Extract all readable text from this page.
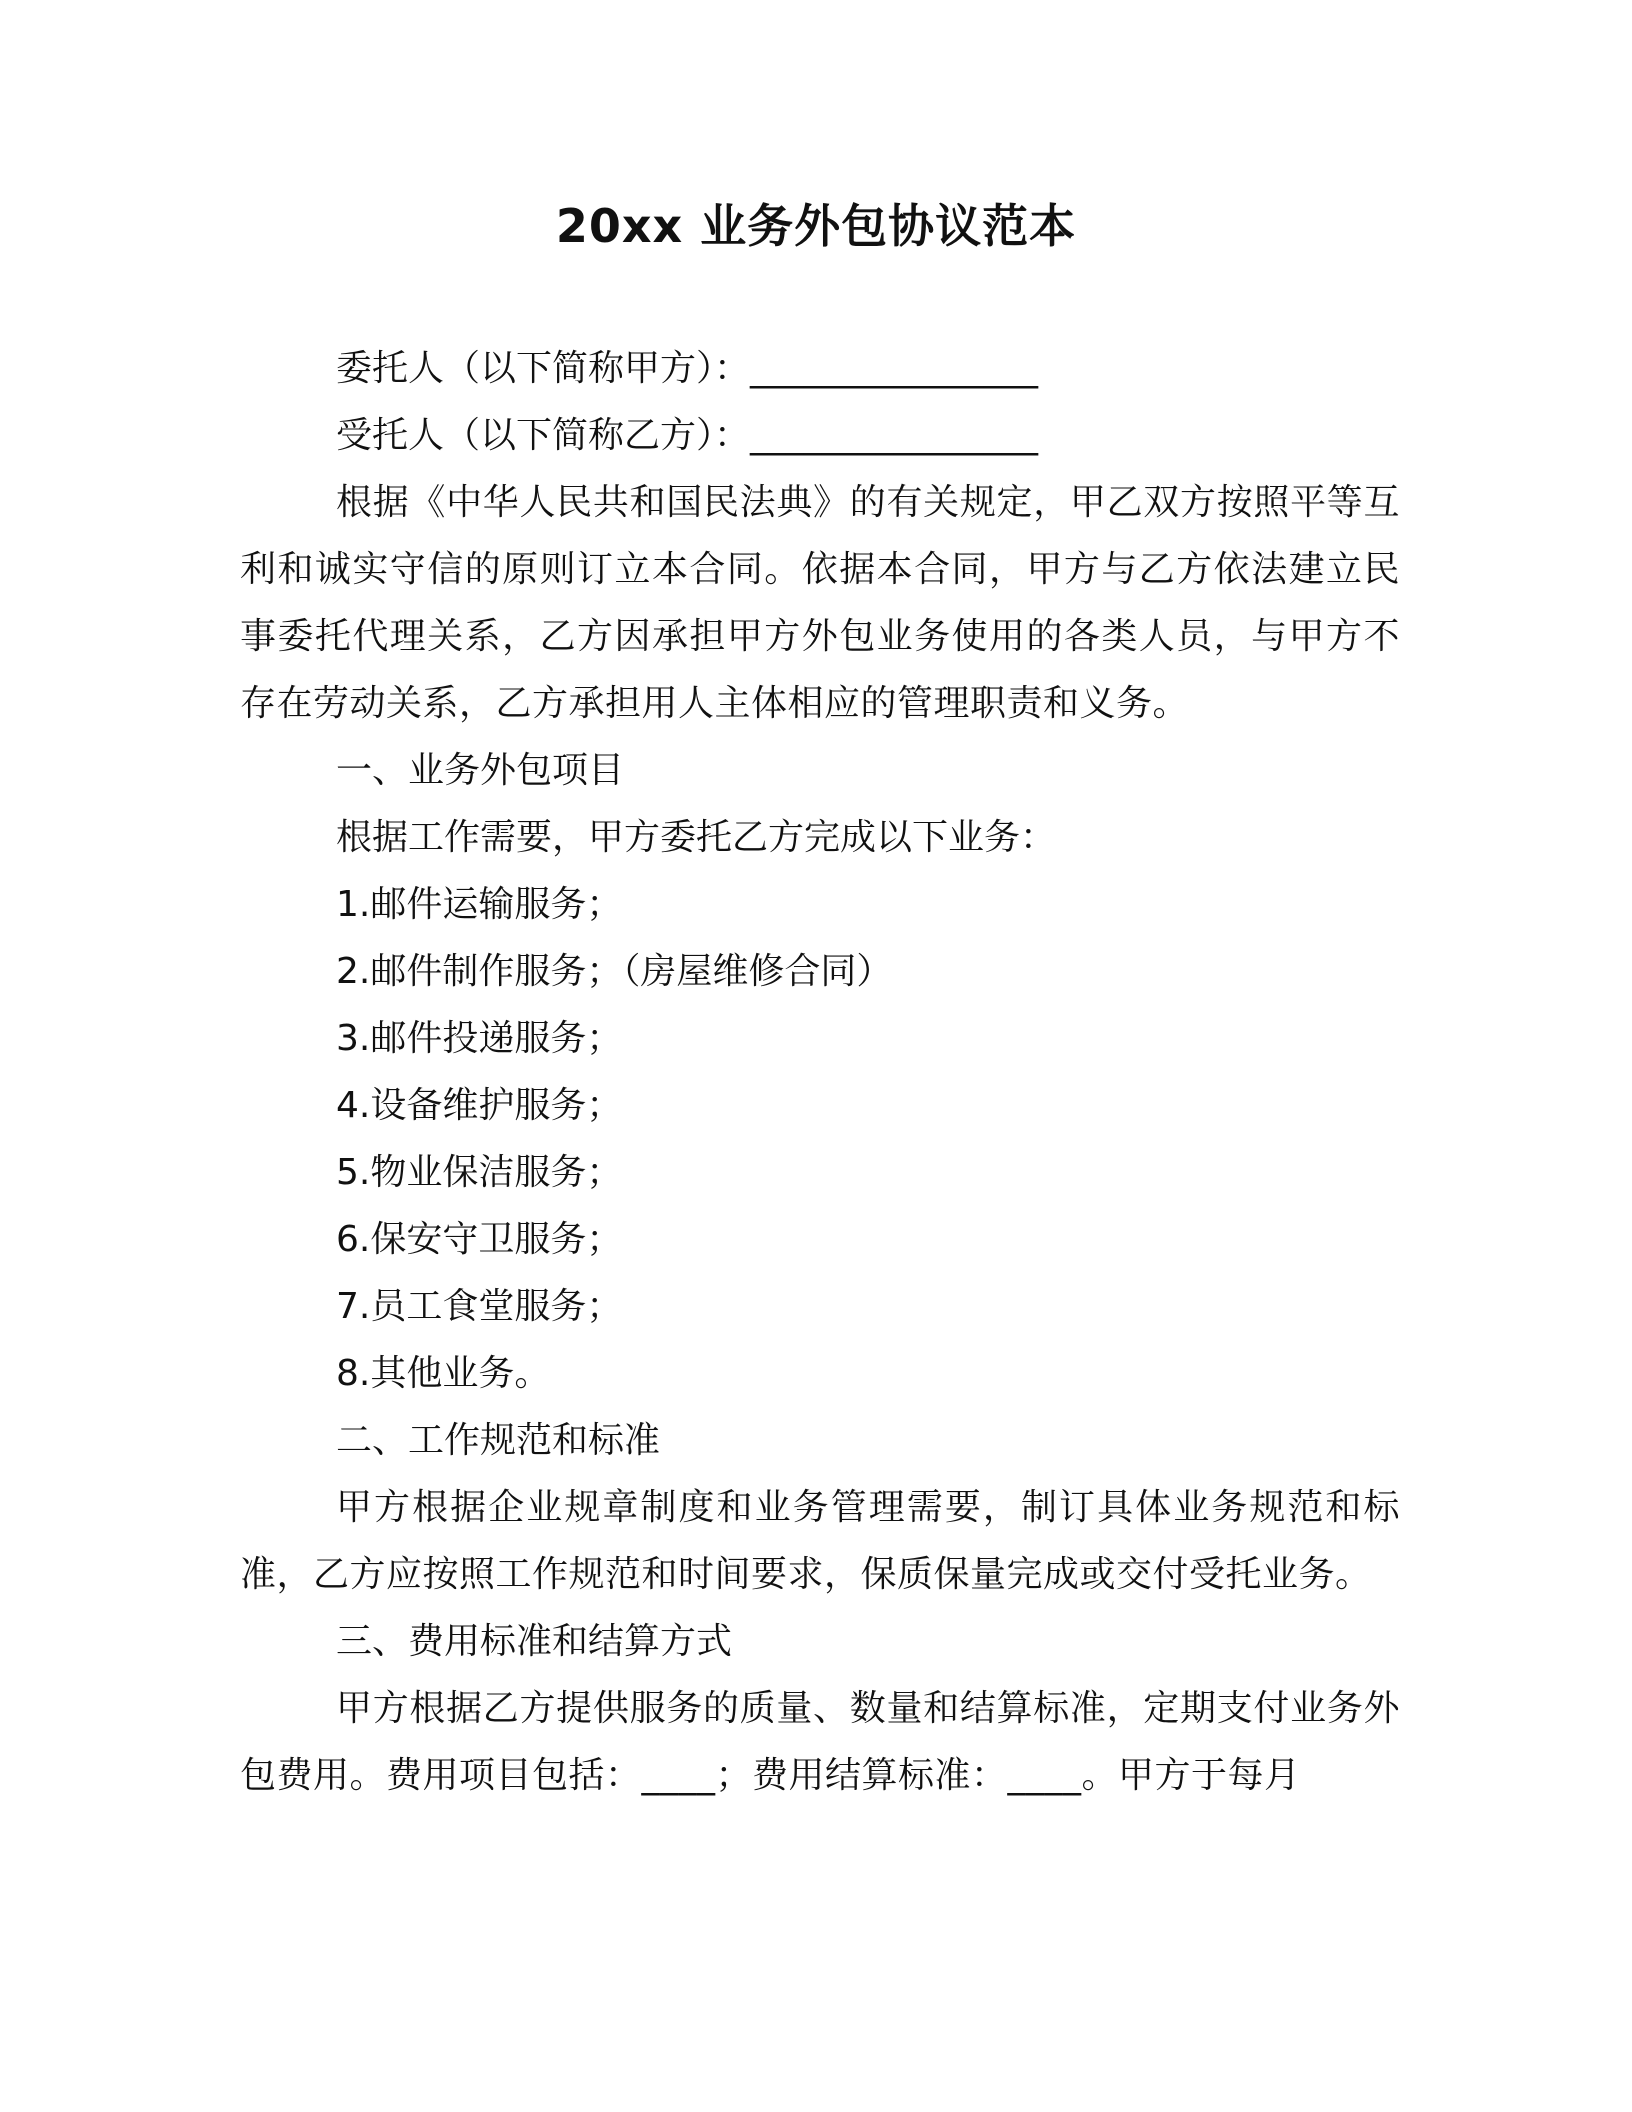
20xx 业务外包协议范本

委托人（以下简称甲方）：________________

受托人（以下简称乙方）：________________

根据《中华人民共和国民法典》的有关规定，甲乙双方按照平等互利和诚实守信的原则订立本合同。依据本合同，甲方与乙方依法建立民事委托代理关系，乙方因承担甲方外包业务使用的各类人员，与甲方不存在劳动关系，乙方承担用人主体相应的管理职责和义务。

一、业务外包项目

根据工作需要，甲方委托乙方完成以下业务：

1.邮件运输服务；

2.邮件制作服务；（房屋维修合同）

3.邮件投递服务；

4.设备维护服务；

5.物业保洁服务；

6.保安守卫服务；

7.员工食堂服务；

8.其他业务。

二、工作规范和标准

甲方根据企业规章制度和业务管理需要，制订具体业务规范和标准，乙方应按照工作规范和时间要求，保质保量完成或交付受托业务。

三、费用标准和结算方式

甲方根据乙方提供服务的质量、数量和结算标准，定期支付业务外包费用。费用项目包括：____；费用结算标准：____。甲方于每月
